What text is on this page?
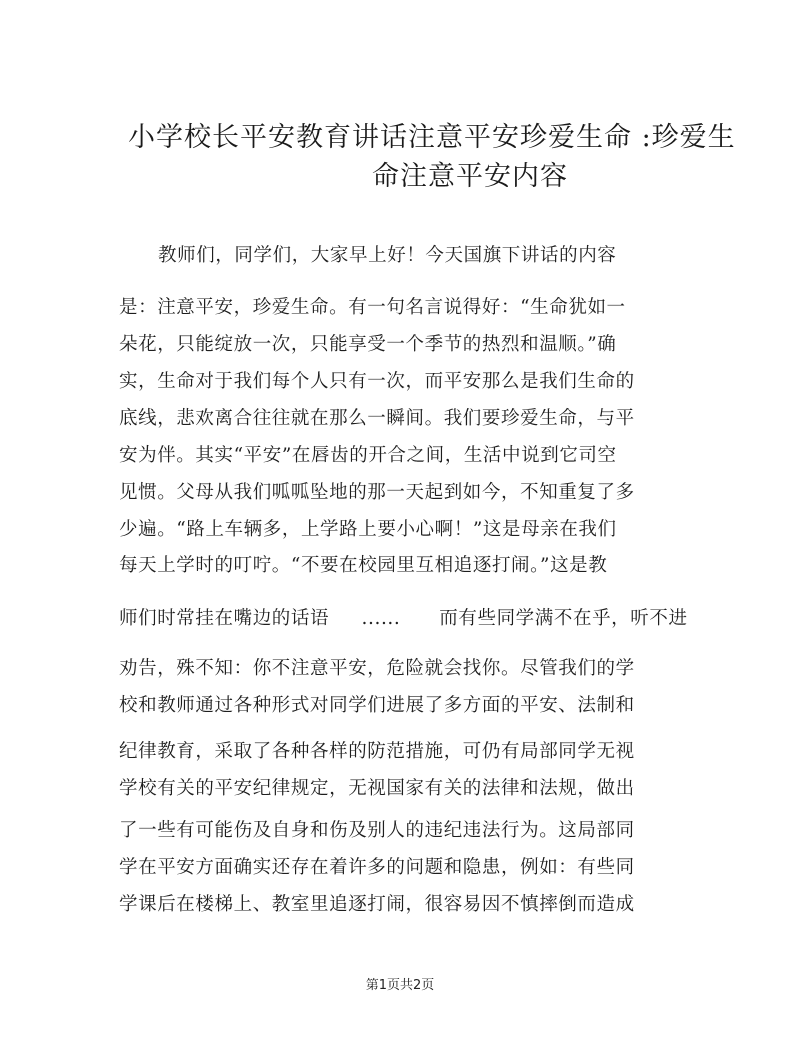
小学校长平安教育讲话注意平安珍爱生命 :珍爱生
命注意平安内容
教师们，同学们，大家早上好！今天国旗下讲话的内容
是：注意平安，珍爱生命。有一句名言说得好：“生命犹如一
朵花，只能绽放一次，只能享受一个季节的热烈和温顺。”确
实，生命对于我们每个人只有一次，而平安那么是我们生命的
底线，悲欢离合往往就在那么一瞬间。我们要珍爱生命，与平
安为伴。其实“平安”在唇齿的开合之间，生活中说到它司空
见惯。父母从我们呱呱坠地的那一天起到如今，不知重复了多
少遍。“路上车辆多，上学路上要小心啊！”这是母亲在我们
每天上学时的叮咛。“不要在校园里互相追逐打闹。”这是教
师们时常挂在嘴边的话语     ......      而有些同学满不在乎，听不进
劝告，殊不知：你不注意平安，危险就会找你。尽管我们的学
校和教师通过各种形式对同学们进展了多方面的平安、法制和
纪律教育，采取了各种各样的防范措施，可仍有局部同学无视
学校有关的平安纪律规定，无视国家有关的法律和法规，做出
了一些有可能伤及自身和伤及别人的违纪违法行为。这局部同
学在平安方面确实还存在着许多的问题和隐患，例如：有些同
学课后在楼梯上、教室里追逐打闹，很容易因不慎摔倒而造成
第1页共2页
